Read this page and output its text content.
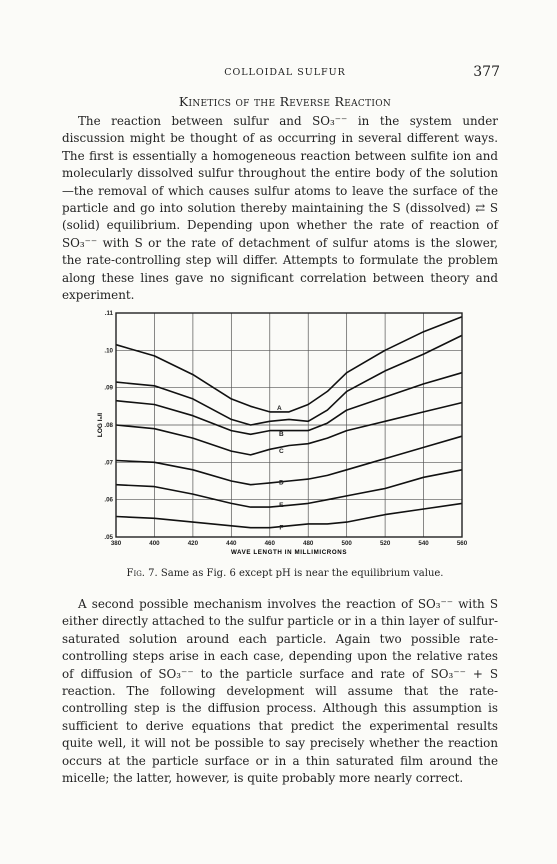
COLLOIDAL SULFUR	377
Kinetics of the Reverse Reaction

The reaction between sulfur and SO₃⁻⁻ in the system under discussion might be thought of as occurring in several different ways. The first is essentially a homogeneous reaction between sulfite ion and molecularly dissolved sulfur throughout the entire body of the solution—the removal of which causes sulfur atoms to leave the surface of the particle and go into solution thereby maintaining the S (dissolved) ⇄ S (solid) equilibrium. Depending upon whether the rate of reaction of SO₃⁻⁻ with S or the rate of detachment of sulfur atoms is the slower, the rate-controlling step will differ. Attempts to formulate the problem along these lines gave no significant correlation between theory and experiment.

380	400	420	440	460	480	500	520	540	560
.05
.06
.07
.08
.09
.10
.11
A
B
C
D
E
F
WAVE LENGTH IN MILLIMICRONS
LOG I₀/I
Fig. 7. Same as Fig. 6 except pH is near the equilibrium value.

A second possible mechanism involves the reaction of SO₃⁻⁻ with S either directly attached to the sulfur particle or in a thin layer of sulfur-saturated solution around each particle. Again two possible rate-controlling steps arise in each case, depending upon the relative rates of diffusion of SO₃⁻⁻ to the particle surface and rate of SO₃⁻⁻ + S reaction. The following development will assume that the rate-controlling step is the diffusion process. Although this assumption is sufficient to derive equations that predict the experimental results quite well, it will not be possible to say precisely whether the reaction occurs at the particle surface or in a thin saturated film around the micelle; the latter, however, is quite probably more nearly correct.
